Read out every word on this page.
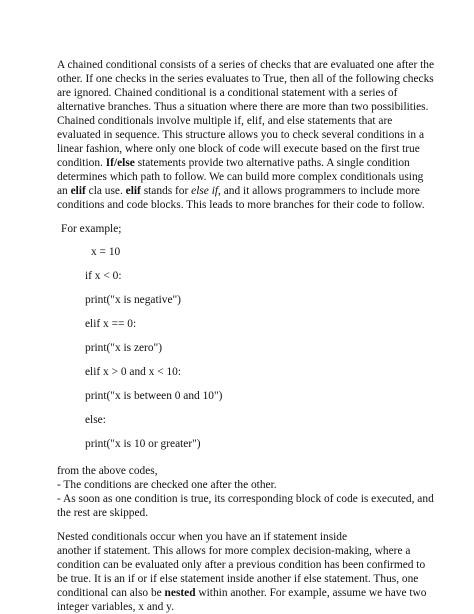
A chained conditional consists of a series of checks that are evaluated one after the
other. If one checks in the series evaluates to True, then all of the following checks
are ignored. Chained conditional is a conditional statement with a series of
alternative branches. Thus a situation where there are more than two possibilities.
Chained conditionals involve multiple if, elif, and else statements that are
evaluated in sequence. This structure allows you to check several conditions in a
linear fashion, where only one block of code will execute based on the first true
condition. If/else statements provide two alternative paths. A single condition
determines which path to follow. We can build more complex conditionals using
an elif cla use. elif stands for else if, and it allows programmers to include more
conditions and code blocks. This leads to more branches for their code to follow.
For example;
x = 10
if x < 0:
print("x is negative")
elif x == 0:
print("x is zero")
elif x > 0 and x < 10:
print("x is between 0 and 10")
else:
print("x is 10 or greater")
from the above codes,
- The conditions are checked one after the other.
- As soon as one condition is true, its corresponding block of code is executed, and
the rest are skipped.
Nested conditionals occur when you have an if statement inside
another if statement. This allows for more complex decision-making, where a
condition can be evaluated only after a previous condition has been confirmed to
be true. It is an if or if else statement inside another if else statement. Thus, one
conditional can also be nested within another. For example, assume we have two
integer variables, x and y.
